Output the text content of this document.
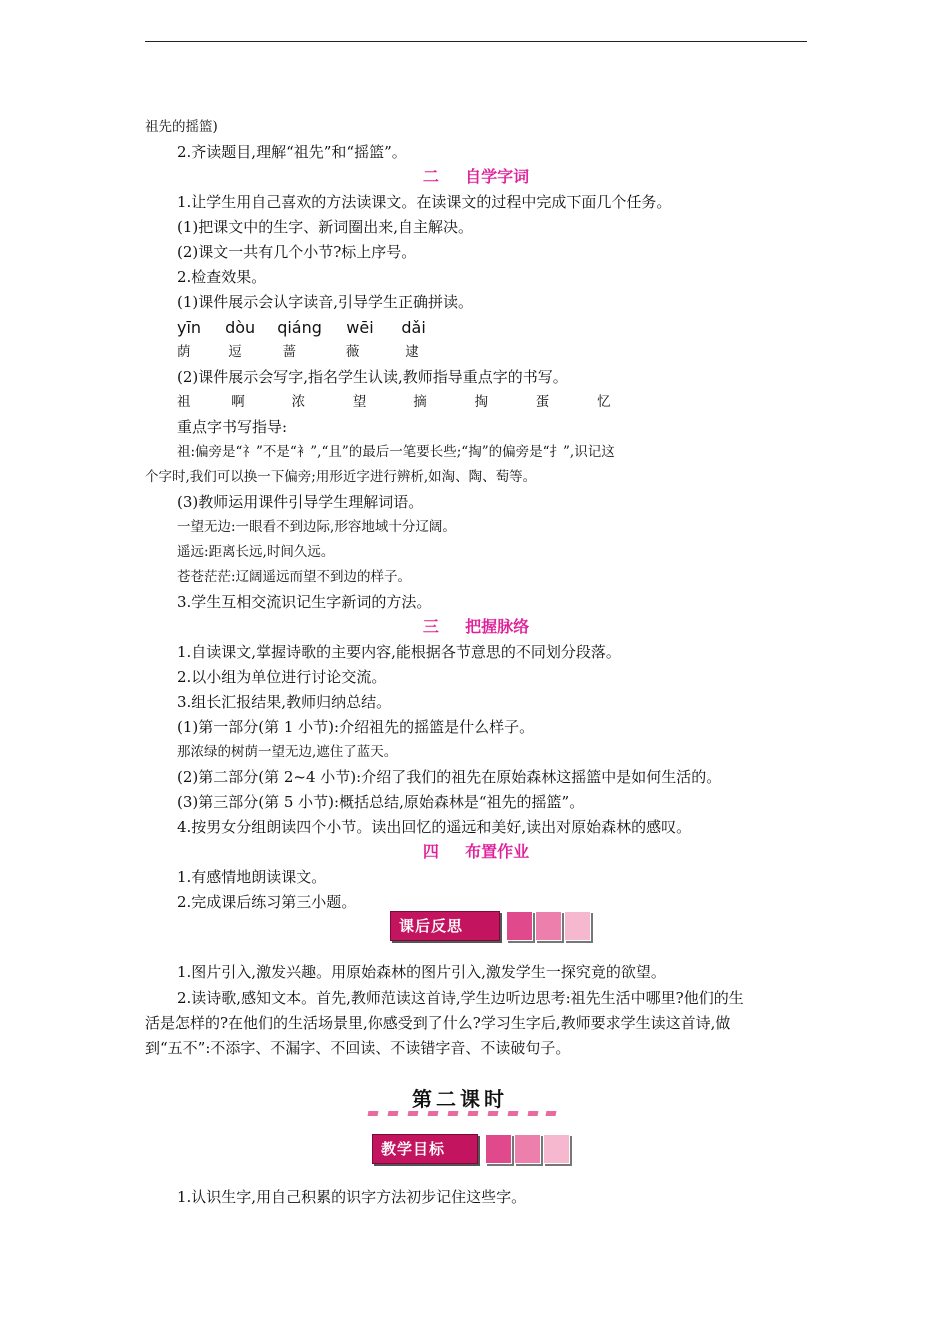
祖先的摇篮)
2.齐读题目,理解“祖先”和“摇篮”。
二 自学字词
1.让学生用自己喜欢的方法读课文。在读课文的过程中完成下面几个任务。
(1)把课文中的生字、新词圈出来,自主解决。
(2)课文一共有几个小节?标上序号。
2.检查效果。
(1)课件展示会认字读音,引导学生正确拼读。
yīn dòu qiáng wēi dǎi
荫	逗	蔷	薇	逮
(2)课件展示会写字,指名学生认读,教师指导重点字的书写。
祖	啊	浓	望	摘	掏	蛋	忆
重点字书写指导:
祖:偏旁是“礻”不是“衤”,“且”的最后一笔要长些;“掏”的偏旁是“扌”,识记这
个字时,我们可以换一下偏旁;用形近字进行辨析,如淘、陶、萄等。
(3)教师运用课件引导学生理解词语。
一望无边:一眼看不到边际,形容地域十分辽阔。
遥远:距离长远,时间久远。
苍苍茫茫:辽阔遥远而望不到边的样子。
3.学生互相交流识记生字新词的方法。
三 把握脉络
1.自读课文,掌握诗歌的主要内容,能根据各节意思的不同划分段落。
2.以小组为单位进行讨论交流。
3.组长汇报结果,教师归纳总结。
(1)第一部分(第 1 小节):介绍祖先的摇篮是什么样子。
那浓绿的树荫一望无边,遮住了蓝天。
(2)第二部分(第 2~4 小节):介绍了我们的祖先在原始森林这摇篮中是如何生活的。
(3)第三部分(第 5 小节):概括总结,原始森林是“祖先的摇篮”。
4.按男女分组朗读四个小节。读出回忆的遥远和美好,读出对原始森林的感叹。
四 布置作业
1.有感情地朗读课文。
2.完成课后练习第三小题。
课后反思
1.图片引入,激发兴趣。用原始森林的图片引入,激发学生一探究竟的欲望。
2.读诗歌,感知文本。首先,教师范读这首诗,学生边听边思考:祖先生活中哪里?他们的生
活是怎样的?在他们的生活场景里,你感受到了什么?学习生字后,教师要求学生读这首诗,做
到“五不”:不添字、不漏字、不回读、不读错字音、不读破句子。
第二课时
教学目标
1.认识生字,用自己积累的识字方法初步记住这些字。
